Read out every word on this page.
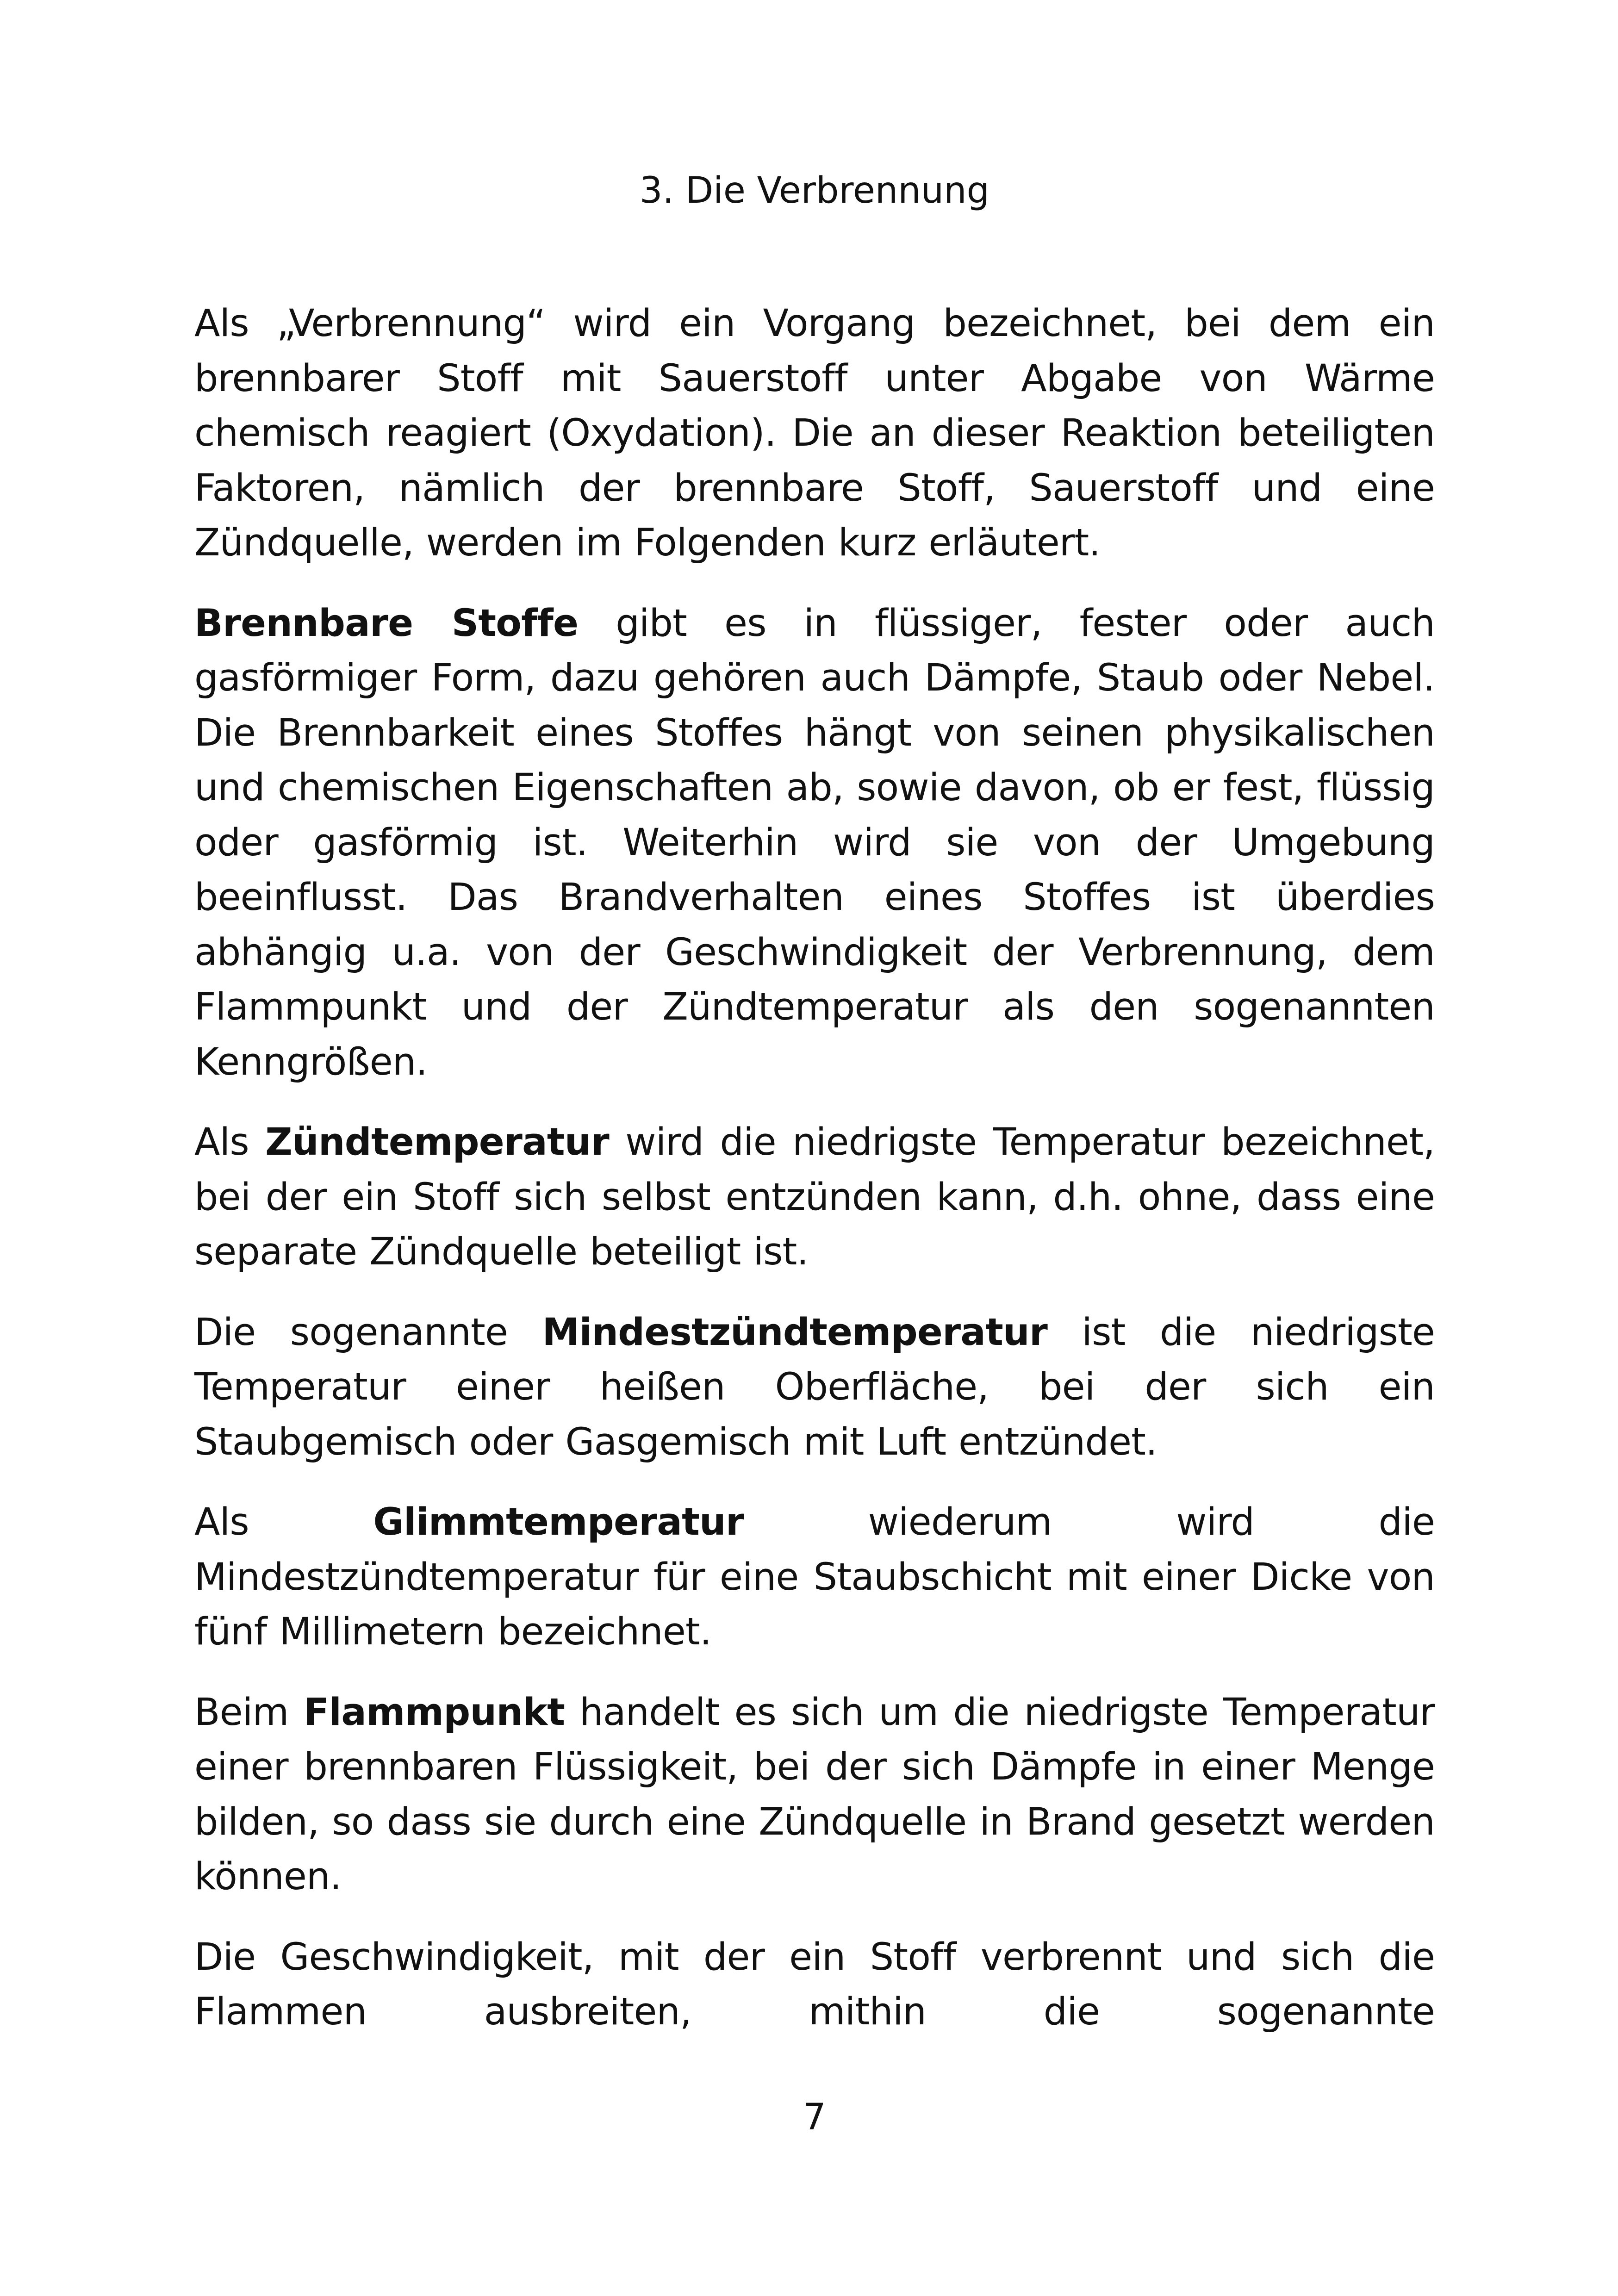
3. Die Verbrennung

Als „Verbrennung“ wird ein Vorgang bezeichnet, bei dem ein brennbarer Stoff mit Sauerstoff unter Abgabe von Wärme chemisch reagiert (Oxydation). Die an dieser Reaktion beteiligten Faktoren, nämlich der brennbare Stoff, Sauerstoff und eine Zündquelle, werden im Folgenden kurz erläutert.

Brennbare Stoffe gibt es in flüssiger, fester oder auch gasförmiger Form, dazu gehören auch Dämpfe, Staub oder Nebel. Die Brennbarkeit eines Stoffes hängt von seinen physikalischen und chemischen Eigenschaften ab, sowie davon, ob er fest, flüssig oder gasförmig ist. Weiterhin wird sie von der Umgebung beeinflusst. Das Brandverhalten eines Stoffes ist überdies abhängig u.a. von der Geschwindigkeit der Verbrennung, dem Flammpunkt und der Zündtemperatur als den sogenannten Kenngrößen.

Als Zündtemperatur wird die niedrigste Temperatur bezeichnet, bei der ein Stoff sich selbst entzünden kann, d.h. ohne, dass eine separate Zündquelle beteiligt ist.

Die sogenannte Mindestzündtemperatur ist die niedrigste Temperatur einer heißen Oberfläche, bei der sich ein Staubgemisch oder Gasgemisch mit Luft entzündet.

Als Glimmtemperatur wiederum wird die Mindestzündtemperatur für eine Staubschicht mit einer Dicke von fünf Millimetern bezeichnet.

Beim Flammpunkt handelt es sich um die niedrigste Temperatur einer brennbaren Flüssigkeit, bei der sich Dämpfe in einer Menge bilden, so dass sie durch eine Zündquelle in Brand gesetzt werden können.

Die Geschwindigkeit, mit der ein Stoff verbrennt und sich die Flammen ausbreiten, mithin die sogenannte

7
